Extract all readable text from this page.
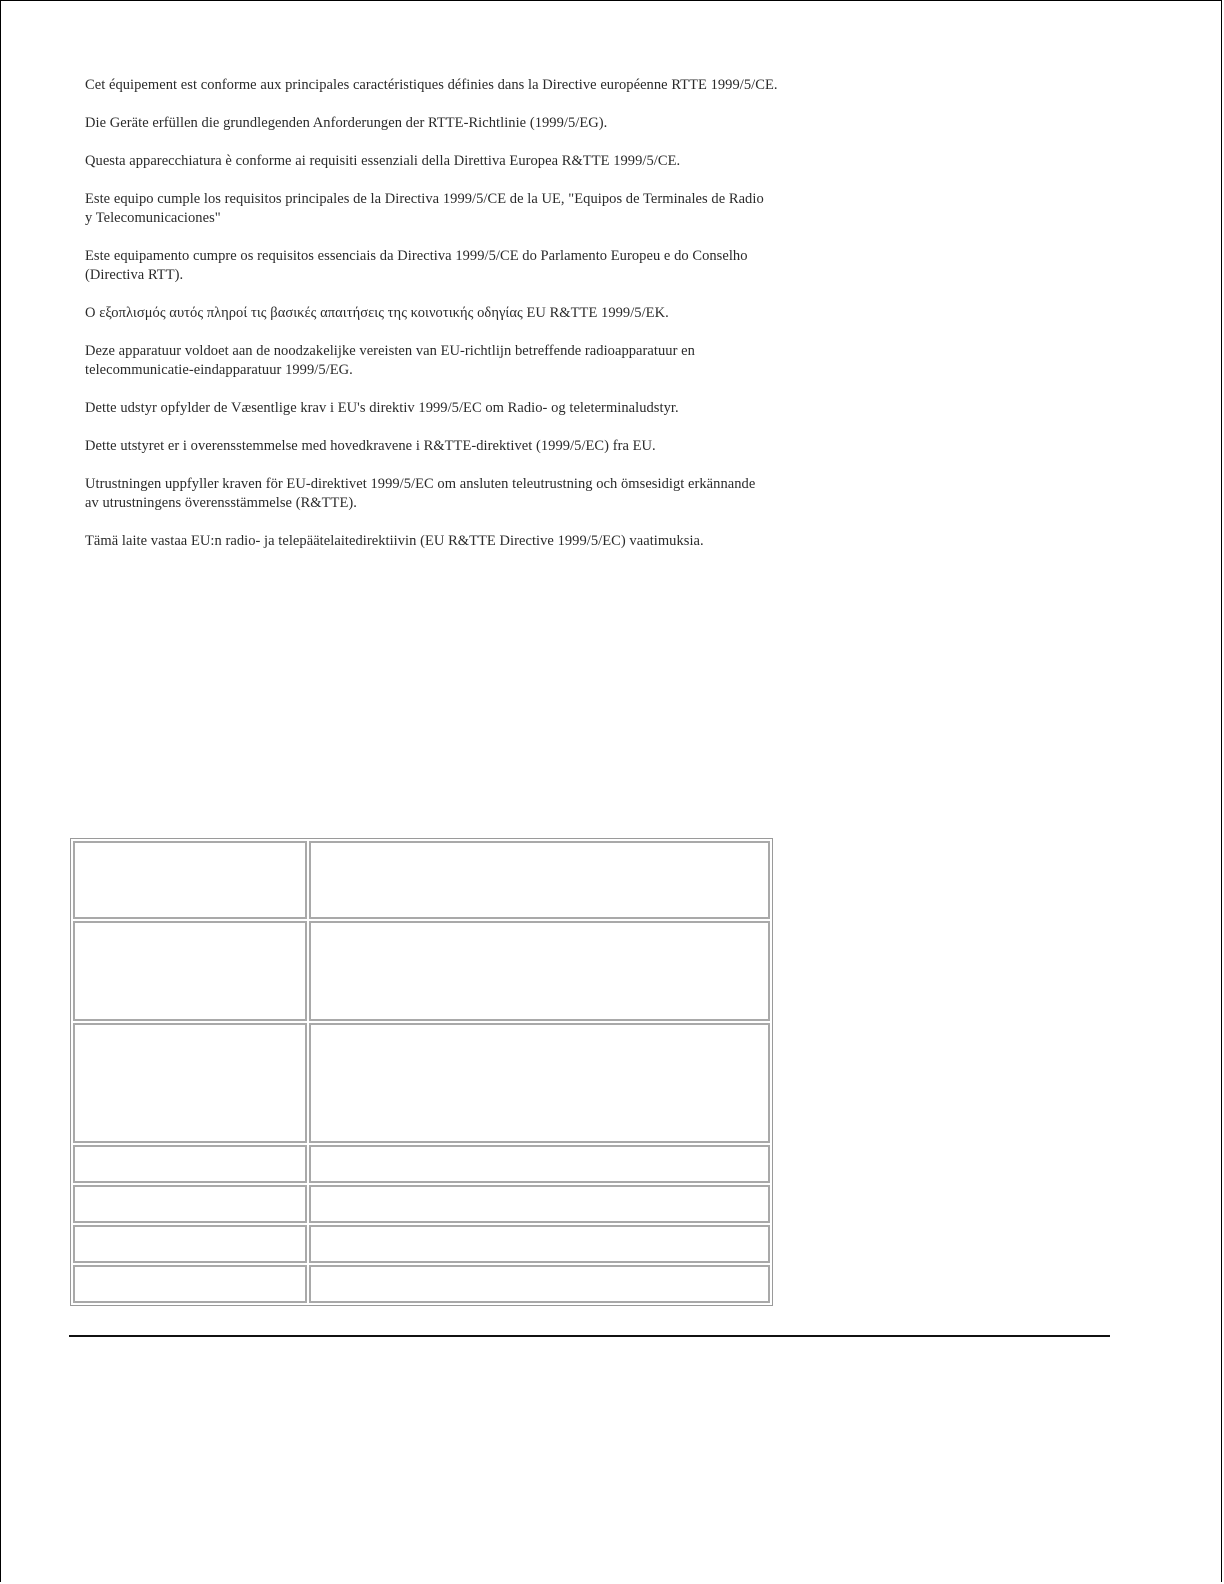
Cet équipement est conforme aux principales caractéristiques définies dans la Directive européenne RTTE 1999/5/CE.

Die Geräte erfüllen die grundlegenden Anforderungen der RTTE-Richtlinie (1999/5/EG).

Questa apparecchiatura è conforme ai requisiti essenziali della Direttiva Europea R&TTE 1999/5/CE.

Este equipo cumple los requisitos principales de la Directiva 1999/5/CE de la UE, "Equipos de Terminales de Radio
y Telecomunicaciones"

Este equipamento cumpre os requisitos essenciais da Directiva 1999/5/CE do Parlamento Europeu e do Conselho
(Directiva RTT).

Ο εξοπλισμός αυτός πληροί τις βασικές απαιτήσεις της κοινοτικής οδηγίας EU R&TTE 1999/5/EK.

Deze apparatuur voldoet aan de noodzakelijke vereisten van EU-richtlijn betreffende radioapparatuur en
telecommunicatie-eindapparatuur 1999/5/EG.

Dette udstyr opfylder de Væsentlige krav i EU's direktiv 1999/5/EC om Radio- og teleterminaludstyr.

Dette utstyret er i overensstemmelse med hovedkravene i R&TTE-direktivet (1999/5/EC) fra EU.

Utrustningen uppfyller kraven för EU-direktivet 1999/5/EC om ansluten teleutrustning och ömsesidigt erkännande
av utrustningens överensstämmelse (R&TTE).

Tämä laite vastaa EU:n radio- ja telepäätelaitedirektiivin (EU R&TTE Directive 1999/5/EC) vaatimuksia.
